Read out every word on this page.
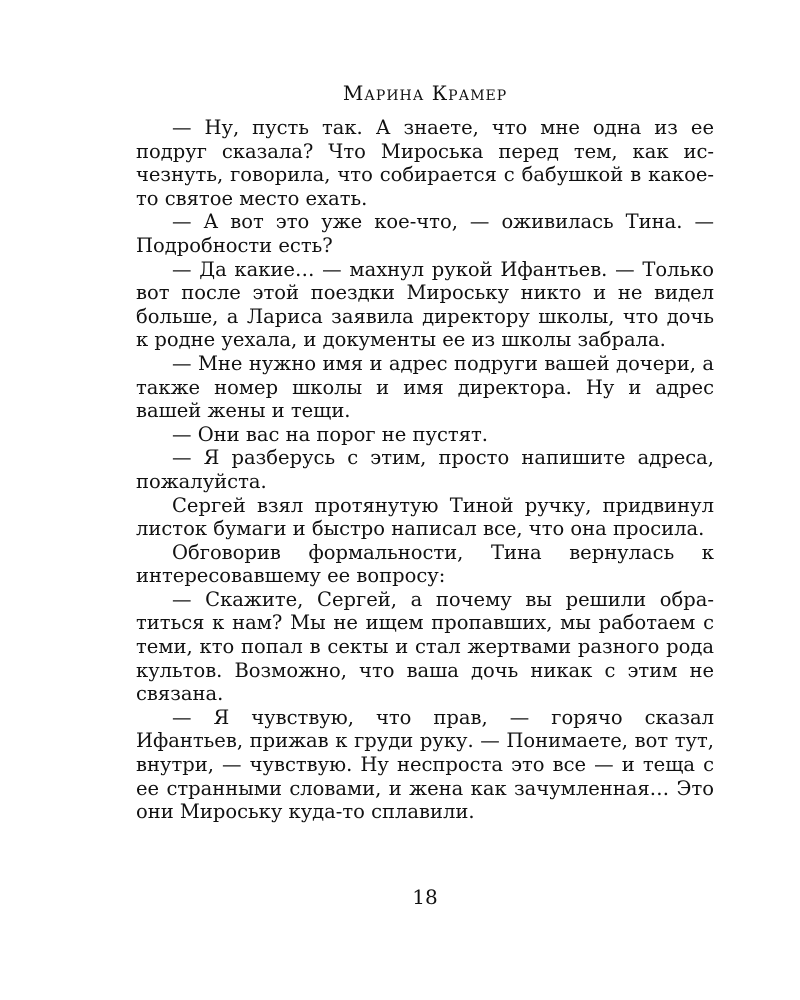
Марина Крамер

— Ну, пусть так. А знаете, что мне одна из ее подруг сказала? Что Мироська перед тем, как исчезнуть, говорила, что собирается с бабушкой в какое-то святое место ехать.

— А вот это уже кое-что, — оживилась Тина. — Подробности есть?

— Да какие… — махнул рукой Ифантьев. — Только вот после этой поездки Мироську никто и не видел больше, а Лариса заявила директору школы, что дочь к родне уехала, и документы ее из школы забрала.

— Мне нужно имя и адрес подруги вашей дочери, а также номер школы и имя директора. Ну и адрес вашей жены и тещи.

— Они вас на порог не пустят.

— Я разберусь с этим, просто напишите адреса, пожалуйста.

Сергей взял протянутую Тиной ручку, придвинул листок бумаги и быстро написал все, что она просила.

Обговорив формальности, Тина вернулась к интересовавшему ее вопросу:

— Скажите, Сергей, а почему вы решили обратиться к нам? Мы не ищем пропавших, мы работаем с теми, кто попал в секты и стал жертвами разного рода культов. Возможно, что ваша дочь никак с этим не связана.

— Я чувствую, что прав, — горячо сказал Ифантьев, прижав к груди руку. — Понимаете, вот тут, внутри, — чувствую. Ну неспроста это все — и теща с ее странными словами, и жена как зачумленная… Это они Мироську куда-то сплавили.

18
